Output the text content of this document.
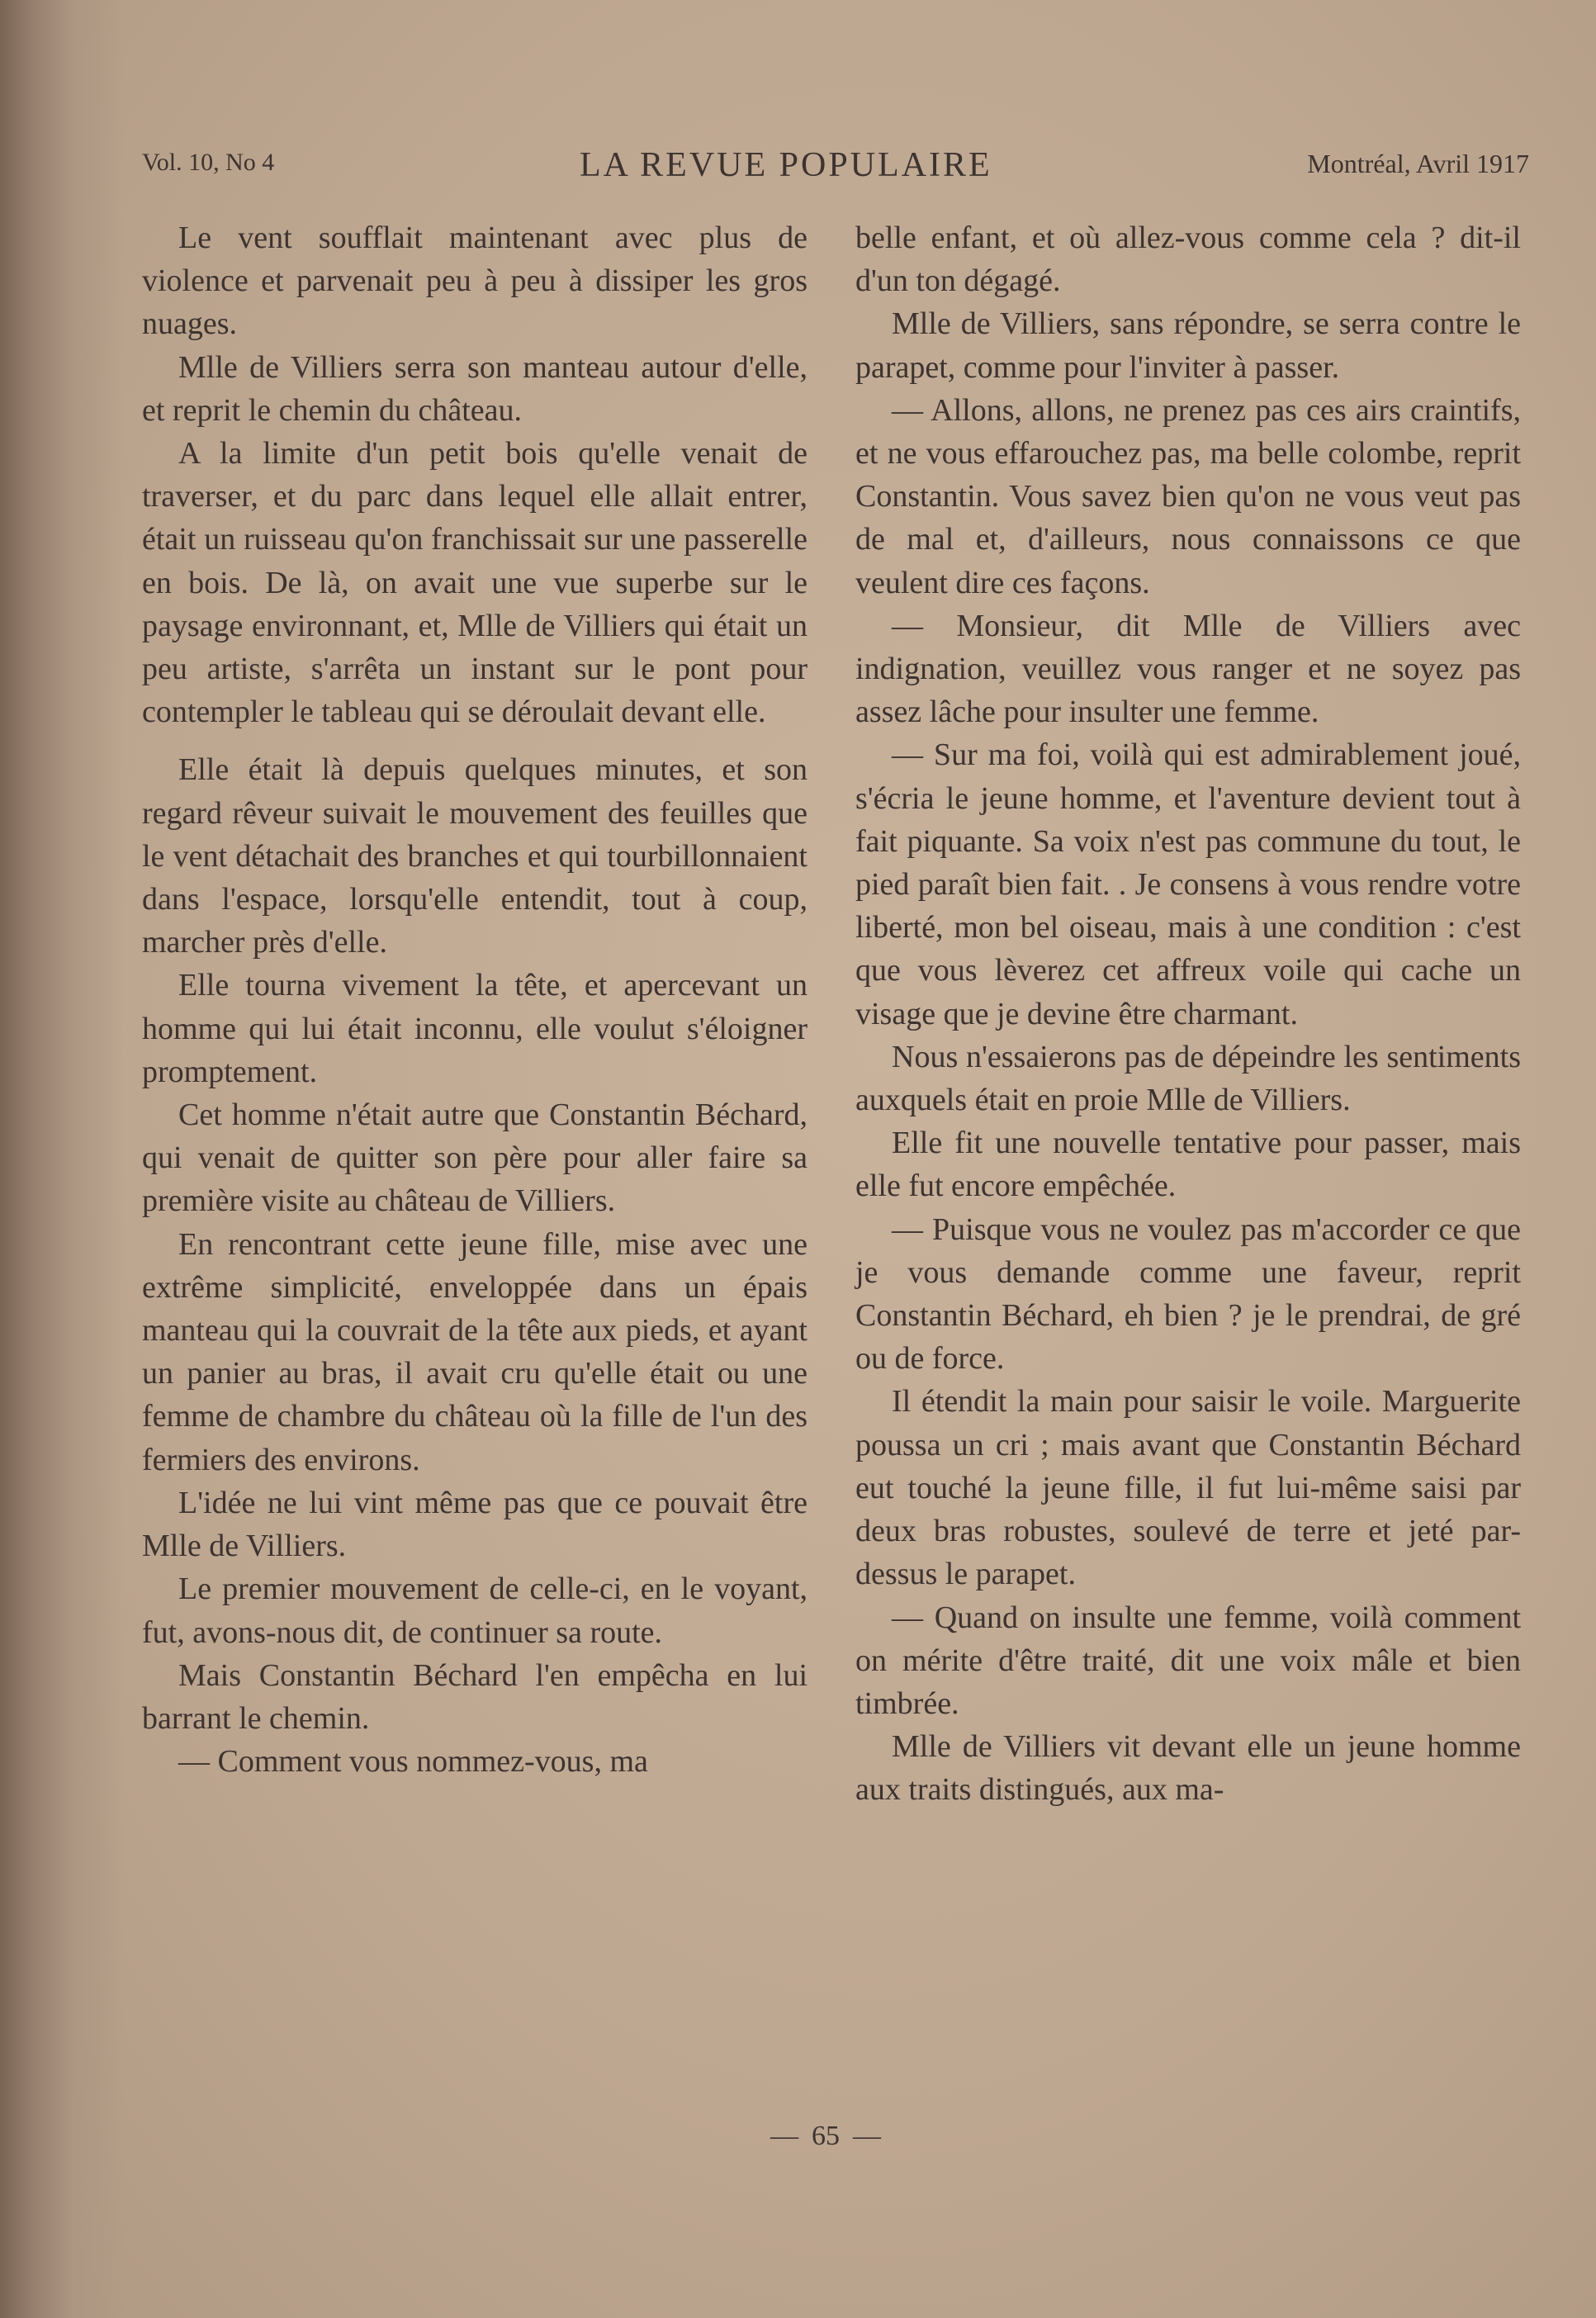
Vol. 10, No 4	LA REVUE POPULAIRE	Montréal, Avril 1917

Le vent soufflait maintenant avec plus de violence et parvenait peu à peu à dissiper les gros nuages.

Mlle de Villiers serra son manteau autour d'elle, et reprit le chemin du château.

A la limite d'un petit bois qu'elle venait de traverser, et du parc dans lequel elle allait entrer, était un ruisseau qu'on franchissait sur une passerelle en bois. De là, on avait une vue superbe sur le paysage environnant, et, Mlle de Villiers qui était un peu artiste, s'arrêta un instant sur le pont pour contempler le tableau qui se déroulait devant elle.

Elle était là depuis quelques minutes, et son regard rêveur suivait le mouvement des feuilles que le vent détachait des branches et qui tourbillonnaient dans l'espace, lorsqu'elle entendit, tout à coup, marcher près d'elle.

Elle tourna vivement la tête, et apercevant un homme qui lui était inconnu, elle voulut s'éloigner promptement.

Cet homme n'était autre que Constantin Béchard, qui venait de quitter son père pour aller faire sa première visite au château de Villiers.

En rencontrant cette jeune fille, mise avec une extrême simplicité, enveloppée dans un épais manteau qui la couvrait de la tête aux pieds, et ayant un panier au bras, il avait cru qu'elle était ou une femme de chambre du château où la fille de l'un des fermiers des environs.

L'idée ne lui vint même pas que ce pouvait être Mlle de Villiers.

Le premier mouvement de celle-ci, en le voyant, fut, avons-nous dit, de continuer sa route.

Mais Constantin Béchard l'en empêcha en lui barrant le chemin.

— Comment vous nommez-vous, ma

belle enfant, et où allez-vous comme cela ? dit-il d'un ton dégagé.

Mlle de Villiers, sans répondre, se serra contre le parapet, comme pour l'inviter à passer.

— Allons, allons, ne prenez pas ces airs craintifs, et ne vous effarouchez pas, ma belle colombe, reprit Constantin. Vous savez bien qu'on ne vous veut pas de mal et, d'ailleurs, nous connaissons ce que veulent dire ces façons.

— Monsieur, dit Mlle de Villiers avec indignation, veuillez vous ranger et ne soyez pas assez lâche pour insulter une femme.

— Sur ma foi, voilà qui est admirablement joué, s'écria le jeune homme, et l'aventure devient tout à fait piquante. Sa voix n'est pas commune du tout, le pied paraît bien fait. . Je consens à vous rendre votre liberté, mon bel oiseau, mais à une condition : c'est que vous lèverez cet affreux voile qui cache un visage que je devine être charmant.

Nous n'essaierons pas de dépeindre les sentiments auxquels était en proie Mlle de Villiers.

Elle fit une nouvelle tentative pour passer, mais elle fut encore empêchée.

— Puisque vous ne voulez pas m'accorder ce que je vous demande comme une faveur, reprit Constantin Béchard, eh bien ? je le prendrai, de gré ou de force.

Il étendit la main pour saisir le voile. Marguerite poussa un cri ; mais avant que Constantin Béchard eut touché la jeune fille, il fut lui-même saisi par deux bras robustes, soulevé de terre et jeté par-dessus le parapet.

— Quand on insulte une femme, voilà comment on mérite d'être traité, dit une voix mâle et bien timbrée.

Mlle de Villiers vit devant elle un jeune homme aux traits distingués, aux ma-

— 65 —
